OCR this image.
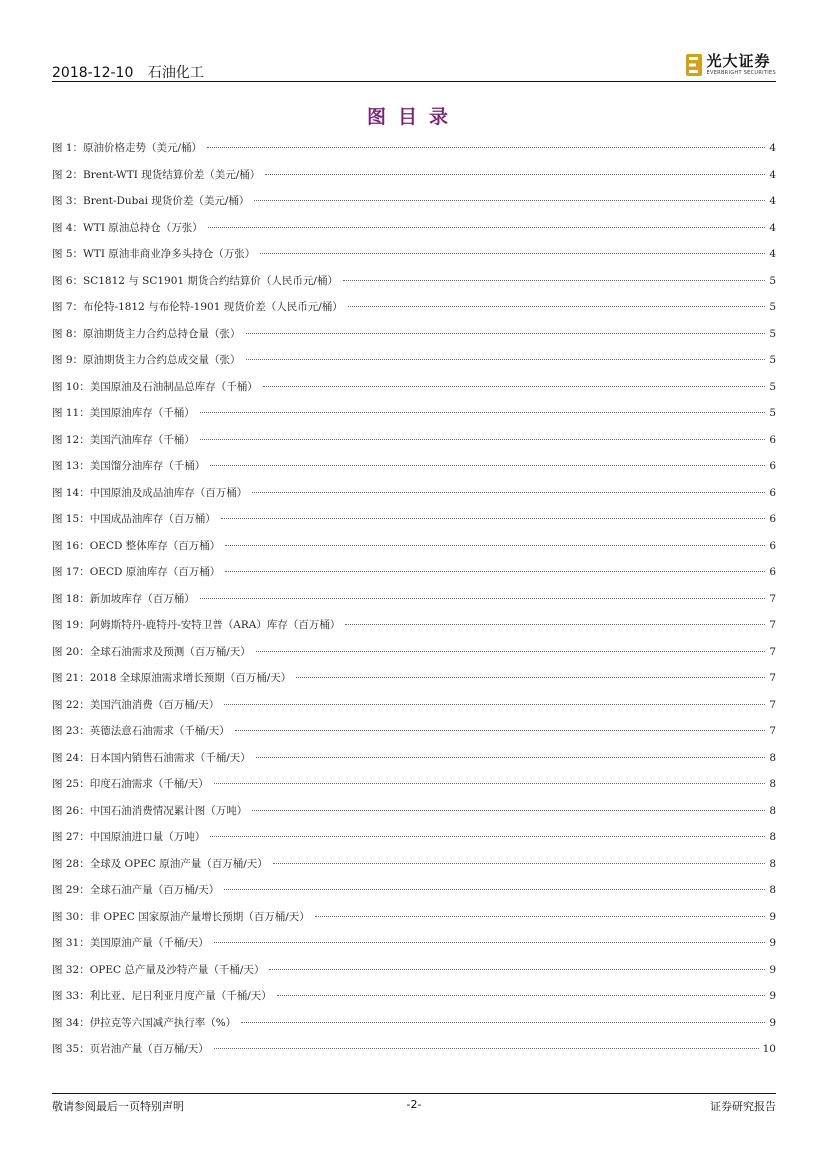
2018-12-10 石油化工
光大证券
EVERBRIGHT SECURITIES
图目录
图 1：原油价格走势（美元/桶）	4
图 2：Brent-WTI 现货结算价差（美元/桶）	4
图 3：Brent-Dubai 现货价差（美元/桶）	4
图 4：WTI 原油总持仓（万张）	4
图 5：WTI 原油非商业净多头持仓（万张）	4
图 6：SC1812 与 SC1901 期货合约结算价（人民币元/桶）	5
图 7：布伦特-1812 与布伦特-1901 现货价差（人民币元/桶）	5
图 8：原油期货主力合约总持仓量（张）	5
图 9：原油期货主力合约总成交量（张）	5
图 10：美国原油及石油制品总库存（千桶）	5
图 11：美国原油库存（千桶）	5
图 12：美国汽油库存（千桶）	6
图 13：美国馏分油库存（千桶）	6
图 14：中国原油及成品油库存（百万桶）	6
图 15：中国成品油库存（百万桶）	6
图 16：OECD 整体库存（百万桶）	6
图 17：OECD 原油库存（百万桶）	6
图 18：新加坡库存（百万桶）	7
图 19：阿姆斯特丹-鹿特丹-安特卫普（ARA）库存（百万桶）	7
图 20：全球石油需求及预测（百万桶/天）	7
图 21：2018 全球原油需求增长预期（百万桶/天）	7
图 22：美国汽油消费（百万桶/天）	7
图 23：英德法意石油需求（千桶/天）	7
图 24：日本国内销售石油需求（千桶/天）	8
图 25：印度石油需求（千桶/天）	8
图 26：中国石油消费情况累计图（万吨）	8
图 27：中国原油进口量（万吨）	8
图 28：全球及 OPEC 原油产量（百万桶/天）	8
图 29：全球石油产量（百万桶/天）	8
图 30：非 OPEC 国家原油产量增长预期（百万桶/天）	9
图 31：美国原油产量（千桶/天）	9
图 32：OPEC 总产量及沙特产量（千桶/天）	9
图 33：利比亚、尼日利亚月度产量（千桶/天）	9
图 34：伊拉克等六国减产执行率（%）	9
图 35：页岩油产量（百万桶/天）	10
敬请参阅最后一页特别声明	-2-	证券研究报告
